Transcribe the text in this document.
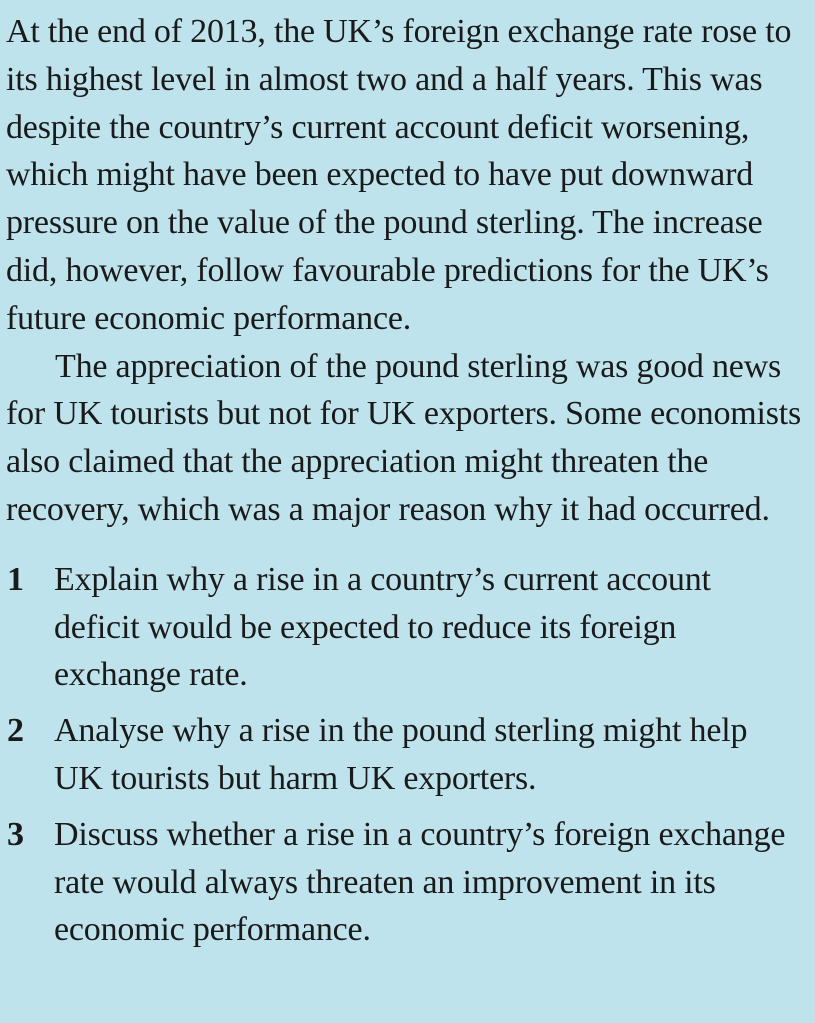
At the end of 2013, the UK’s foreign exchange rate rose to its highest level in almost two and a half years. This was despite the country’s current account deficit worsening, which might have been expected to have put downward pressure on the value of the pound sterling. The increase did, however, follow favourable predictions for the UK’s future economic performance.

The appreciation of the pound sterling was good news for UK tourists but not for UK exporters. Some economists also claimed that the appreciation might threaten the recovery, which was a major reason why it had occurred.

1 Explain why a rise in a country’s current account deficit would be expected to reduce its foreign exchange rate.
2 Analyse why a rise in the pound sterling might help UK tourists but harm UK exporters.
3 Discuss whether a rise in a country’s foreign exchange rate would always threaten an improvement in its economic performance.
